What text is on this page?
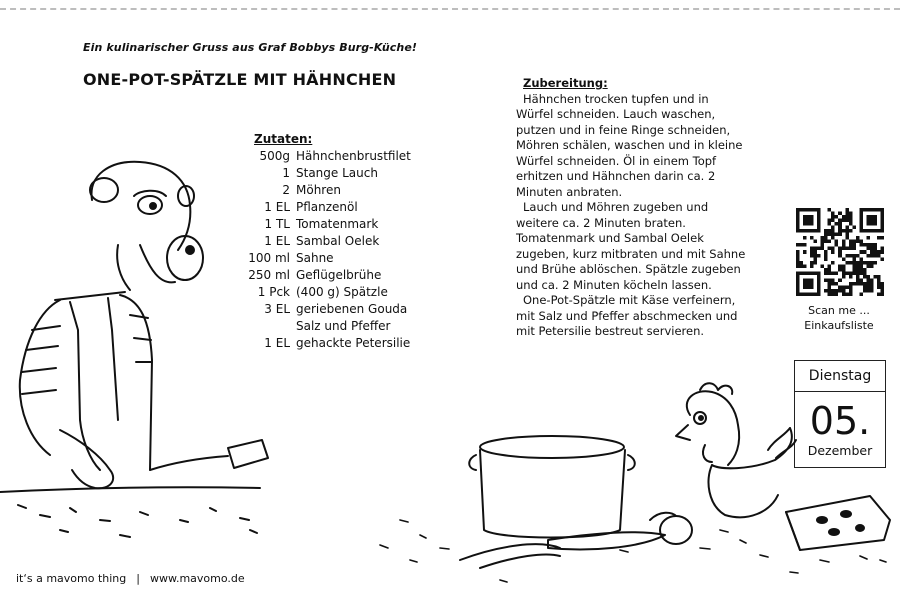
Ein kulinarischer Gruss aus Graf Bobbys Burg-Küche!
ONE-POT-SPÄTZLE MIT HÄHNCHEN
Zutaten:
500g Hähnchenbrustfilet
1 Stange Lauch
2 Möhren
1 EL Pflanzenöl
1 TL Tomatenmark
1 EL Sambal Oelek
100 ml Sahne
250 ml Geflügelbrühe
1 Pck (400 g) Spätzle
3 EL geriebenen Gouda
Salz und Pfeffer
1 EL gehackte Petersilie
Zubereitung:

Hähnchen trocken tupfen und in Würfel schneiden. Lauch waschen, putzen und in feine Ringe schneiden, Möhren schälen, waschen und in kleine Würfel schneiden. Öl in einem Topf erhitzen und Hähnchen darin ca. 2 Minuten anbraten.

Lauch und Möhren zugeben und weitere ca. 2 Minuten braten. Tomatenmark und Sambal Oelek zugeben, kurz mitbraten und mit Sahne und Brühe ablöschen. Spätzle zugeben und ca. 2 Minuten köcheln lassen.

One-Pot-Spätzle mit Käse verfeinern, mit Salz und Pfeffer abschmecken und mit Petersilie bestreut servieren.

Scan me ...
Einkaufsliste
Dienstag
05.
Dezember
it‘s a mavomo thing | www.mavomo.de
